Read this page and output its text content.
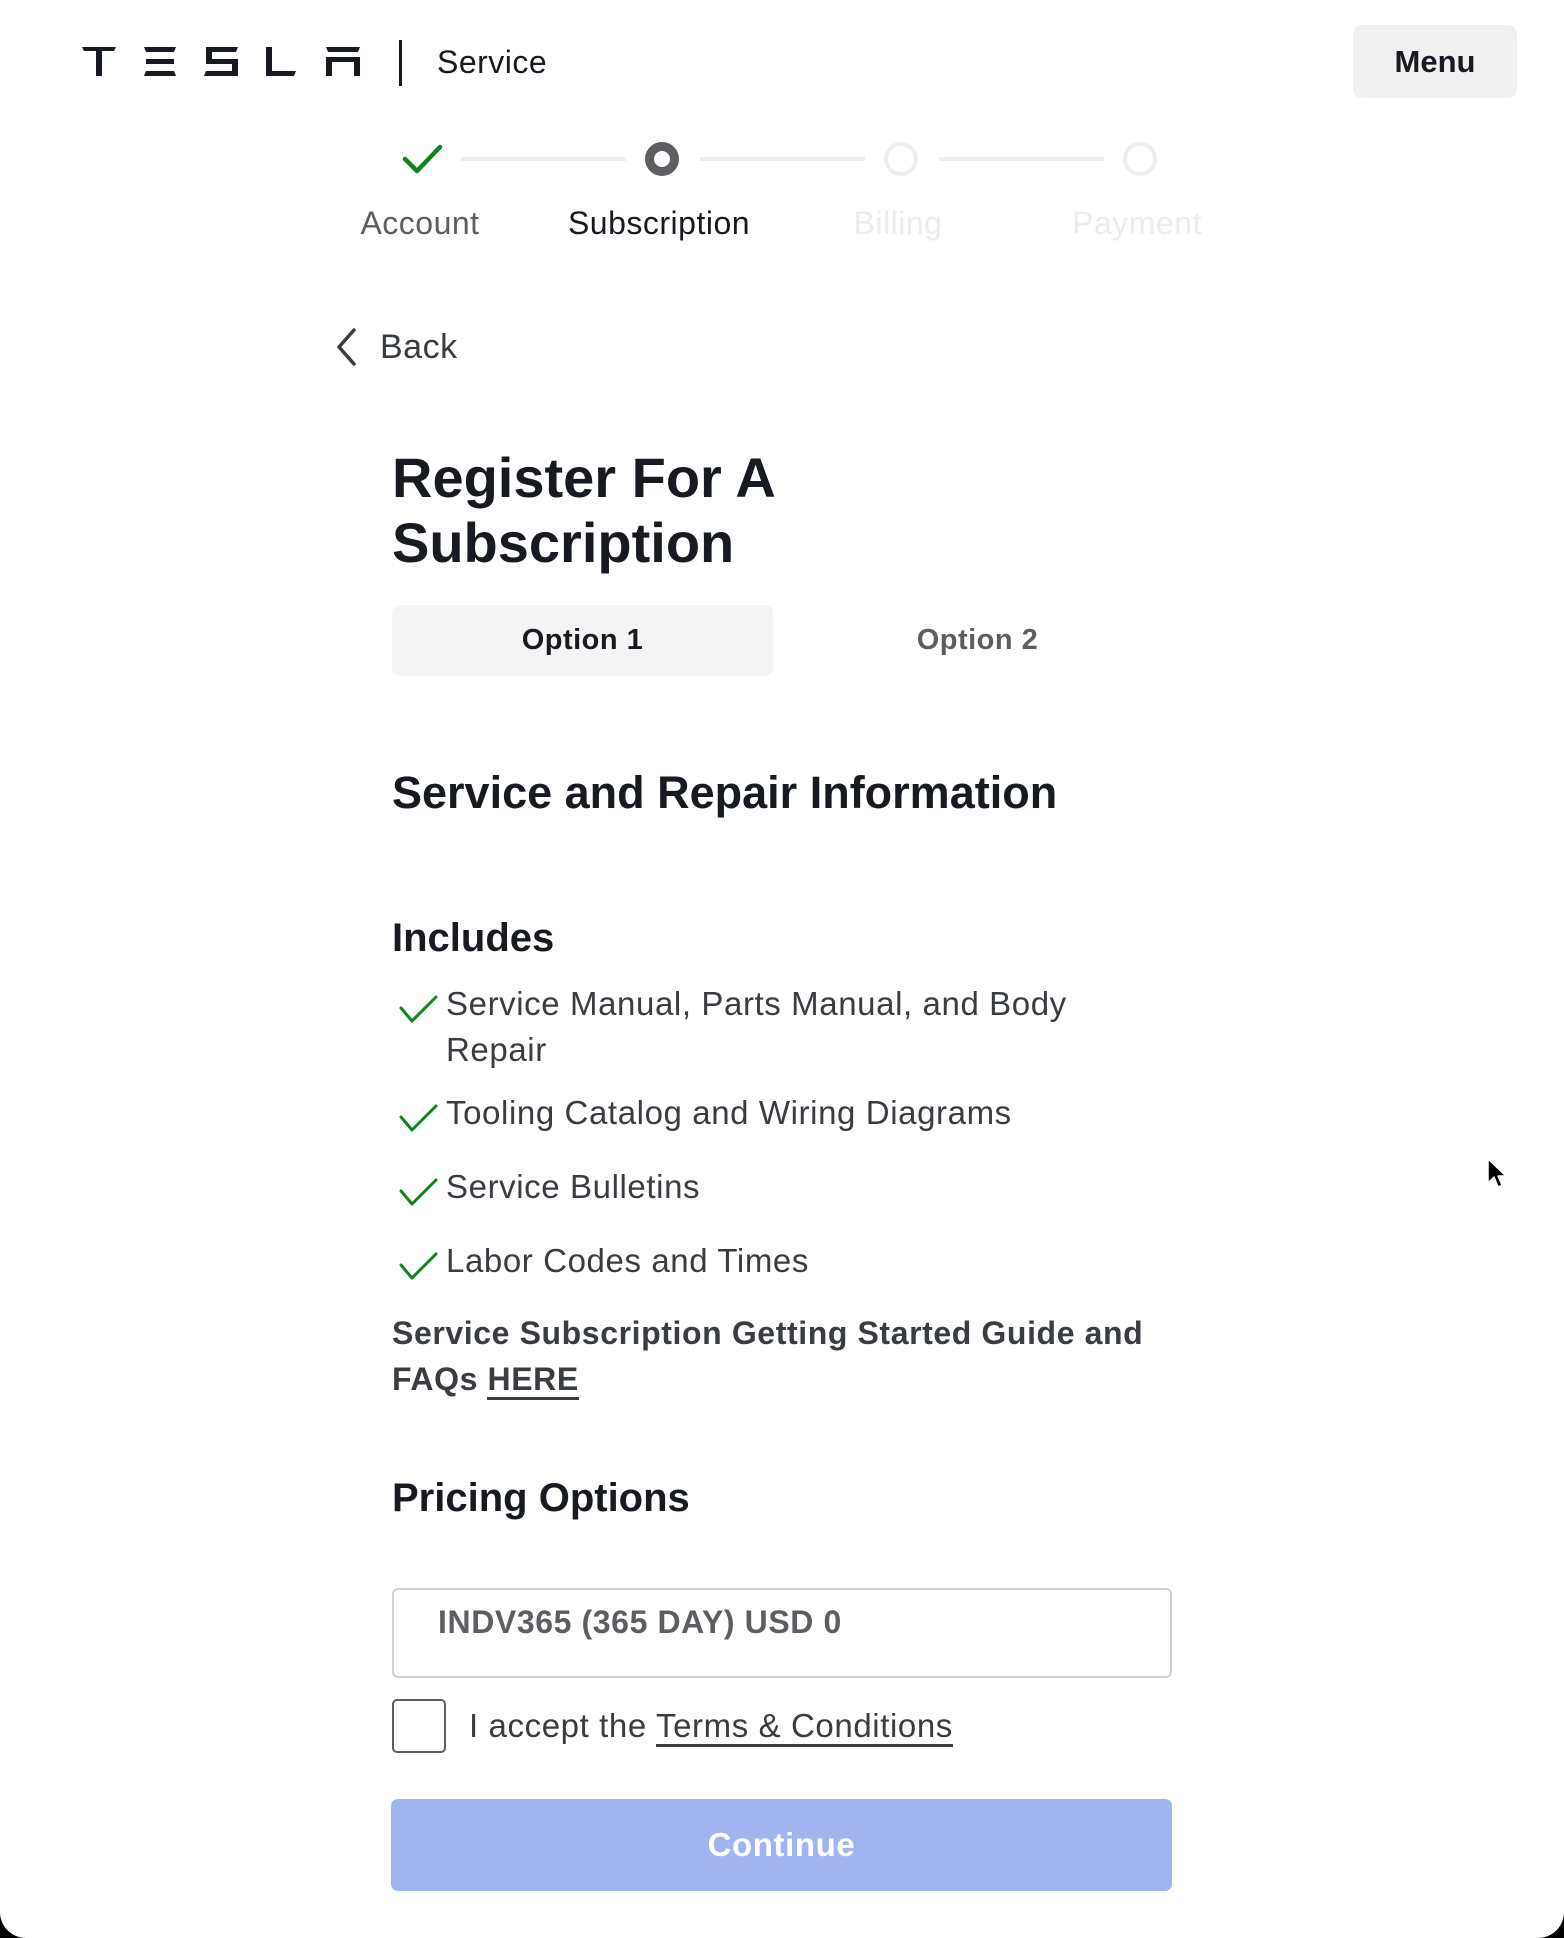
Service	Menu
Account	Subscription	Billing	Payment
Back
Register For A Subscription
Option 1	Option 2
Service and Repair Information
Includes
Service Manual, Parts Manual, and Body Repair
Tooling Catalog and Wiring Diagrams
Service Bulletins
Labor Codes and Times
Service Subscription Getting Started Guide and FAQs HERE
Pricing Options
INDV365 (365 DAY) USD 0
I accept the Terms & Conditions
Continue
